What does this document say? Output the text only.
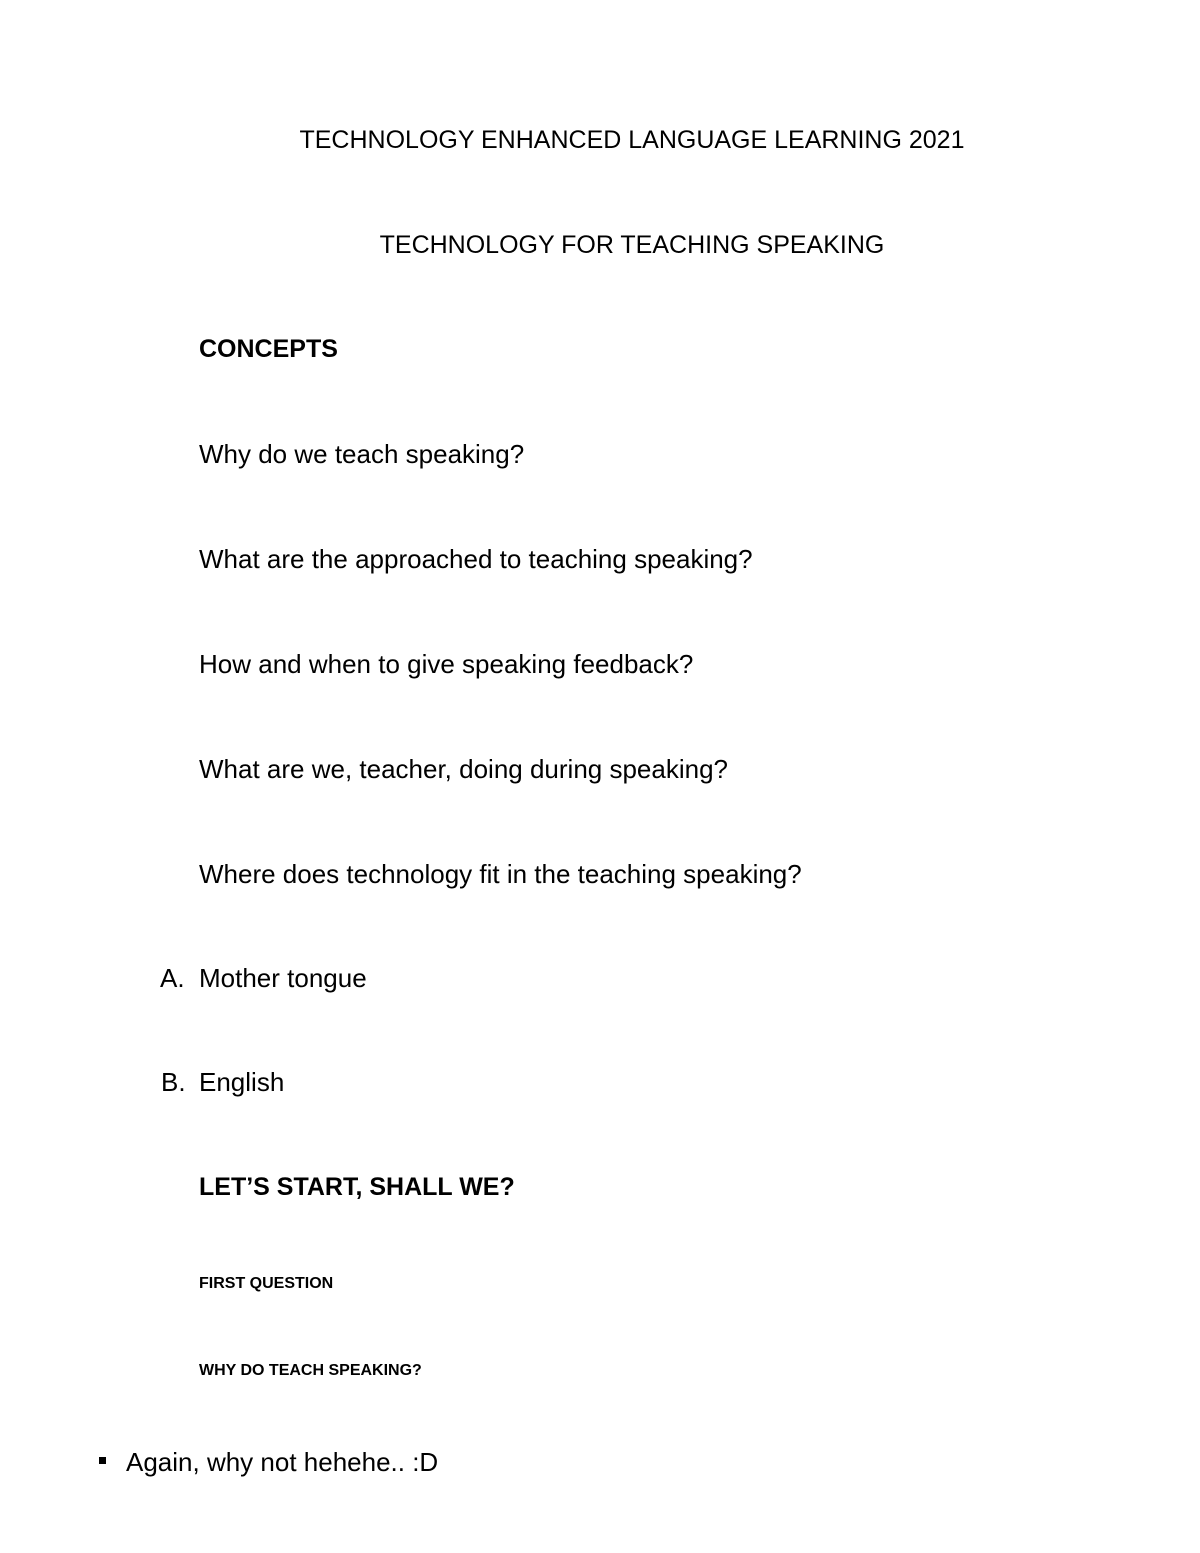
TECHNOLOGY ENHANCED LANGUAGE LEARNING 2021
TECHNOLOGY FOR TEACHING SPEAKING
CONCEPTS
Why do we teach speaking?
What are the approached to teaching speaking?
How and when to give speaking feedback?
What are we, teacher, doing during speaking?
Where does technology fit in the teaching speaking?
A. Mother tongue
B. English
LET’S START, SHALL WE?
FIRST QUESTION
WHY DO TEACH SPEAKING?
Again, why not hehehe.. :D
